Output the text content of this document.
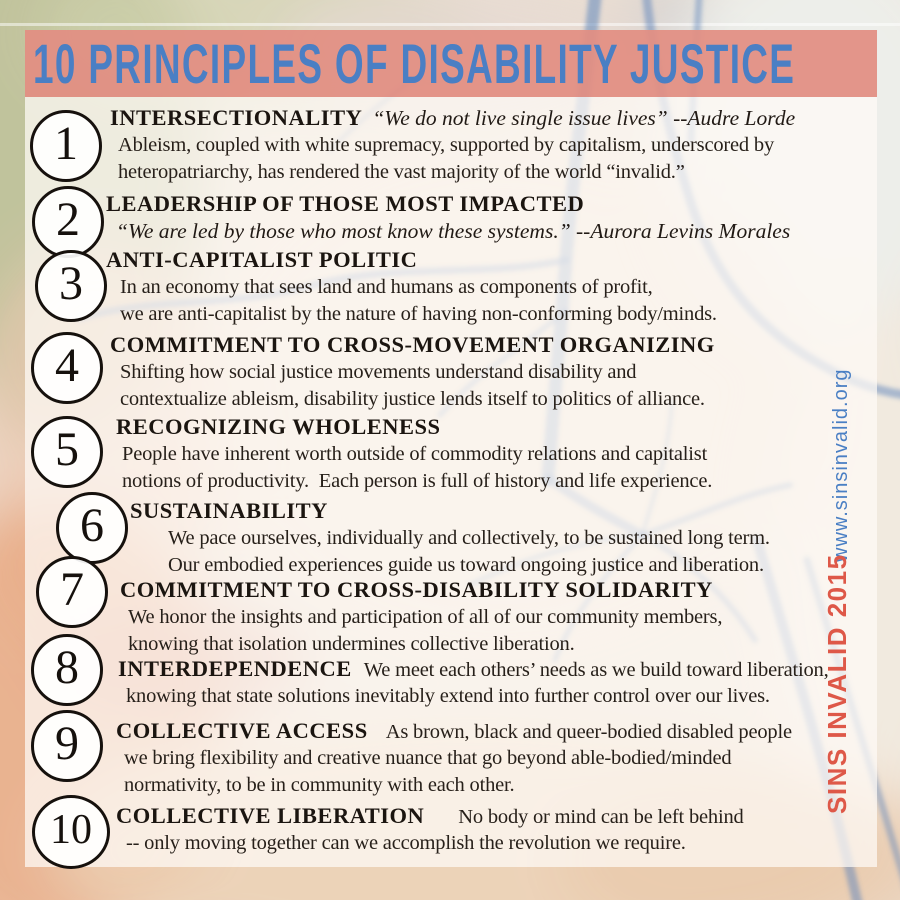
10 PRINCIPLES OF DISABILITY JUSTICE
1 INTERSECTIONALITY “We do not live single issue lives” --Audre Lorde
Ableism, coupled with white supremacy, supported by capitalism, underscored by
heteropatriarchy, has rendered the vast majority of the world “invalid.”
2 LEADERSHIP OF THOSE MOST IMPACTED
“We are led by those who most know these systems.” --Aurora Levins Morales
3 ANTI-CAPITALIST POLITIC
In an economy that sees land and humans as components of profit,
we are anti-capitalist by the nature of having non-conforming body/minds.
4 COMMITMENT TO CROSS-MOVEMENT ORGANIZING
Shifting how social justice movements understand disability and
contextualize ableism, disability justice lends itself to politics of alliance.
5 RECOGNIZING WHOLENESS
People have inherent worth outside of commodity relations and capitalist
notions of productivity.  Each person is full of history and life experience.
6 SUSTAINABILITY
We pace ourselves, individually and collectively, to be sustained long term.
Our embodied experiences guide us toward ongoing justice and liberation.
7 COMMITMENT TO CROSS-DISABILITY SOLIDARITY
We honor the insights and participation of all of our community members,
knowing that isolation undermines collective liberation.
8 INTERDEPENDENCE We meet each others’ needs as we build toward liberation,
knowing that state solutions inevitably extend into further control over our lives.
9 COLLECTIVE ACCESS As brown, black and queer-bodied disabled people
we bring flexibility and creative nuance that go beyond able-bodied/minded
normativity, to be in community with each other.
10 COLLECTIVE LIBERATION No body or mind can be left behind
-- only moving together can we accomplish the revolution we require.
www.sinsinvalid.org
SINS INVALID 2015
